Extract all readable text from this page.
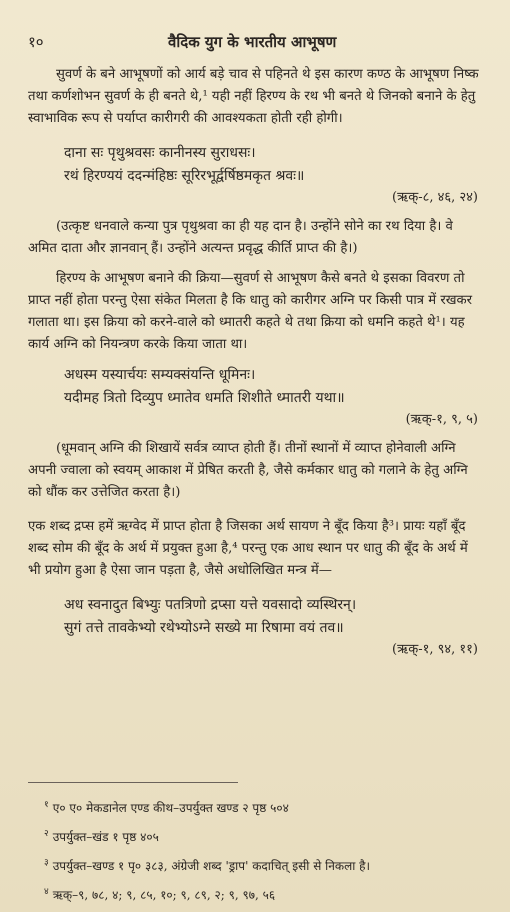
१०	वैदिक युग के भारतीय आभूषण

सुवर्ण के बने आभूषणों को आर्य बड़े चाव से पहिनते थे इस कारण कण्ठ के आभूषण निष्क तथा कर्णशोभन सुवर्ण के ही बनते थे,¹ यही नहीं हिरण्य के रथ भी बनते थे जिनको बनाने के हेतु स्वाभाविक रूप से पर्याप्त कारीगरी की आवश्यकता होती रही होगी।

दाना सः पृथुश्रवसः कानीनस्य सुराधसः।
रथं हिरण्ययं ददन्मंहिष्ठः सूरिरभूर्द्वर्षिष्ठमकृत श्रवः॥
(ऋक्-८, ४६, २४)

(उत्कृष्ट धनवाले कन्या पुत्र पृथुश्रवा का ही यह दान है। उन्होंने सोने का रथ दिया है। वे अमित दाता और ज्ञानवान् हैं। उन्होंने अत्यन्त प्रवृद्ध कीर्ति प्राप्त की है।)

हिरण्य के आभूषण बनाने की क्रिया—सुवर्ण से आभूषण कैसे बनते थे इसका विवरण तो प्राप्त नहीं होता परन्तु ऐसा संकेत मिलता है कि धातु को कारीगर अग्नि पर किसी पात्र में रखकर गलाता था। इस क्रिया को करने-वाले को ध्मातरी कहते थे तथा क्रिया को धमनि कहते थे¹। यह कार्य अग्नि को नियन्त्रण करके किया जाता था।

अधस्म यस्यार्चयः सम्यक्संयन्ति धूमिनः।
यदीमह त्रितो दिव्युप ध्मातेव धमति शिशीते ध्मातरी यथा॥
(ऋक्-१, ९, ५)

(धूमवान् अग्नि की शिखायें सर्वत्र व्याप्त होती हैं। तीनों स्थानों में व्याप्त होनेवाली अग्नि अपनी ज्वाला को स्वयम् आकाश में प्रेषित करती है, जैसे कर्मकार धातु को गलाने के हेतु अग्नि को धौंक कर उत्तेजित करता है।)

एक शब्द द्रप्स हमें ऋग्वेद में प्राप्त होता है जिसका अर्थ सायण ने बूँद किया है³। प्रायः यहाँ बूँद शब्द सोम की बूँद के अर्थ में प्रयुक्त हुआ है,⁴ परन्तु एक आध स्थान पर धातु की बूँद के अर्थ में भी प्रयोग हुआ है ऐसा जान पड़ता है, जैसे अधोलिखित मन्त्र में—

अध स्वनादुत बिभ्युः पतत्रिणो द्रप्सा यत्ते यवसादो व्यस्थिरन्।
सुगं तत्ते तावकेभ्यो रथेभ्योऽग्ने सख्ये मा रिषामा वयं तव॥
(ऋक्-१, ९४, ११)
$^१$ ए० ए० मेकडानेल एण्ड कीथ–उपर्युक्त खण्ड २ पृष्ठ ५०४
$^२$ उपर्युक्त–खंड १ पृष्ठ ४०५
$^३$ उपर्युक्त–खण्ड १ पृ० ३८३, अंग्रेजी शब्द 'ड्राप' कदाचित् इसी से निकला है।
$^४$ ऋक्–९, ७८, ४; ९, ८५, १०; ९, ८९, २; ९, ९७, ५६
